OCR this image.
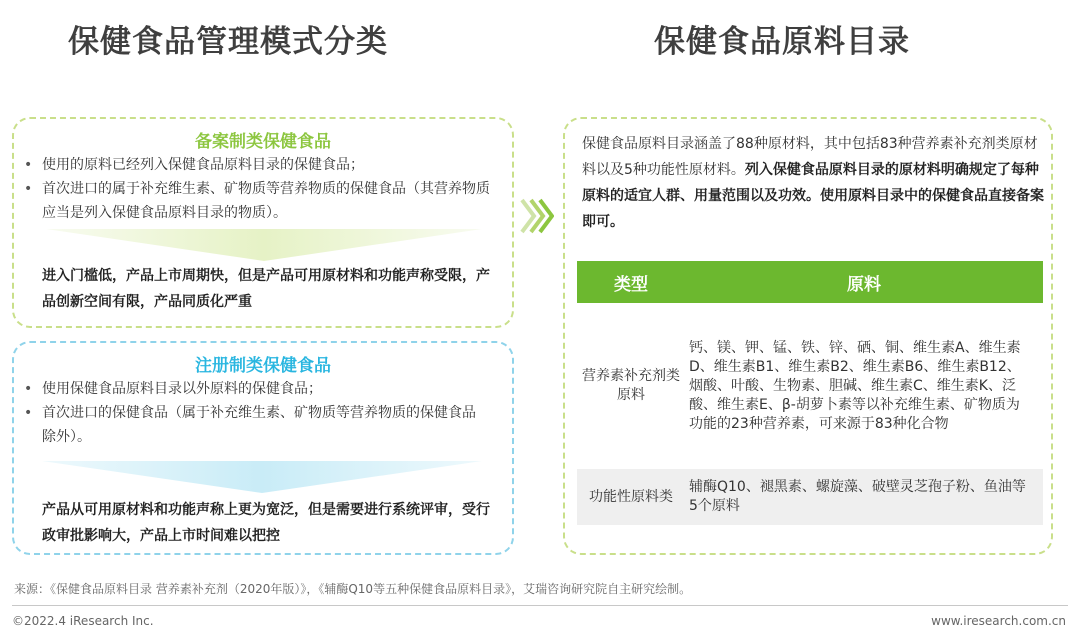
保健食品管理模式分类	保健食品原料目录
备案制类保健食品
• 使用的原料已经列入保健食品原料目录的保健食品；
• 首次进口的属于补充维生素、矿物质等营养物质的保健食品（其营养物质应当是列入保健食品原料目录的物质）。
进入门槛低，产品上市周期快，但是产品可用原材料和功能声称受限，产品创新空间有限，产品同质化严重
注册制类保健食品
• 使用保健食品原料目录以外原料的保健食品；
• 首次进口的保健食品（属于补充维生素、矿物质等营养物质的保健食品除外）。
产品从可用原材料和功能声称上更为宽泛，但是需要进行系统评审，受行政审批影响大，产品上市时间难以把控
保健食品原料目录涵盖了88种原材料，其中包括83种营养素补充剂类原材料以及5种功能性原材料。列入保健食品原料目录的原材料明确规定了每种原料的适宜人群、用量范围以及功效。使用原料目录中的保健食品直接备案即可。
类型	原料
营养素补充剂类原料	钙、镁、钾、锰、铁、锌、硒、铜、维生素A、维生素D、维生素B1、维生素B2、维生素B6、维生素B12、烟酸、叶酸、生物素、胆碱、维生素C、维生素K、泛酸、维生素E、β-胡萝卜素等以补充维生素、矿物质为功能的23种营养素，可来源于83种化合物
功能性原料类	辅酶Q10、褪黑素、螺旋藻、破壁灵芝孢子粉、鱼油等5个原料
来源：《保健食品原料目录 营养素补充剂（2020年版）》，《辅酶Q10等五种保健食品原料目录》，艾瑞咨询研究院自主研究绘制。
©2022.4 iResearch Inc.	www.iresearch.com.cn
